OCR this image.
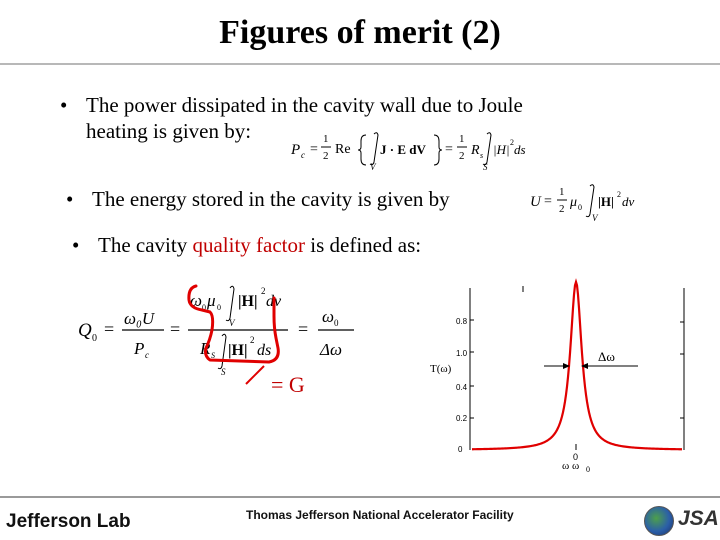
Figures of merit (2)
• The power dissipated in the cavity wall due to Joule
heating is given by:
P c =
1
2 Re
V
J · E dV =
1
2 R s
S
|H| 2 ds
• The energy stored in the cavity is given by	U =
1
2 μ 0
V
|H| 2 dv
• The cavity quality factor is defined as:
Q 0 =
ω₀U
P c
=
ω 0 μ 0
V
|H|
2
dv
R S
S
|H|
2
ds
=
ω 0
Δω
= G
0.8
1.0
0.4
0.2
0
T(ω)
Δω
0
ω ω 0
Jefferson Lab	Thomas Jefferson National Accelerator Facility	JSA
